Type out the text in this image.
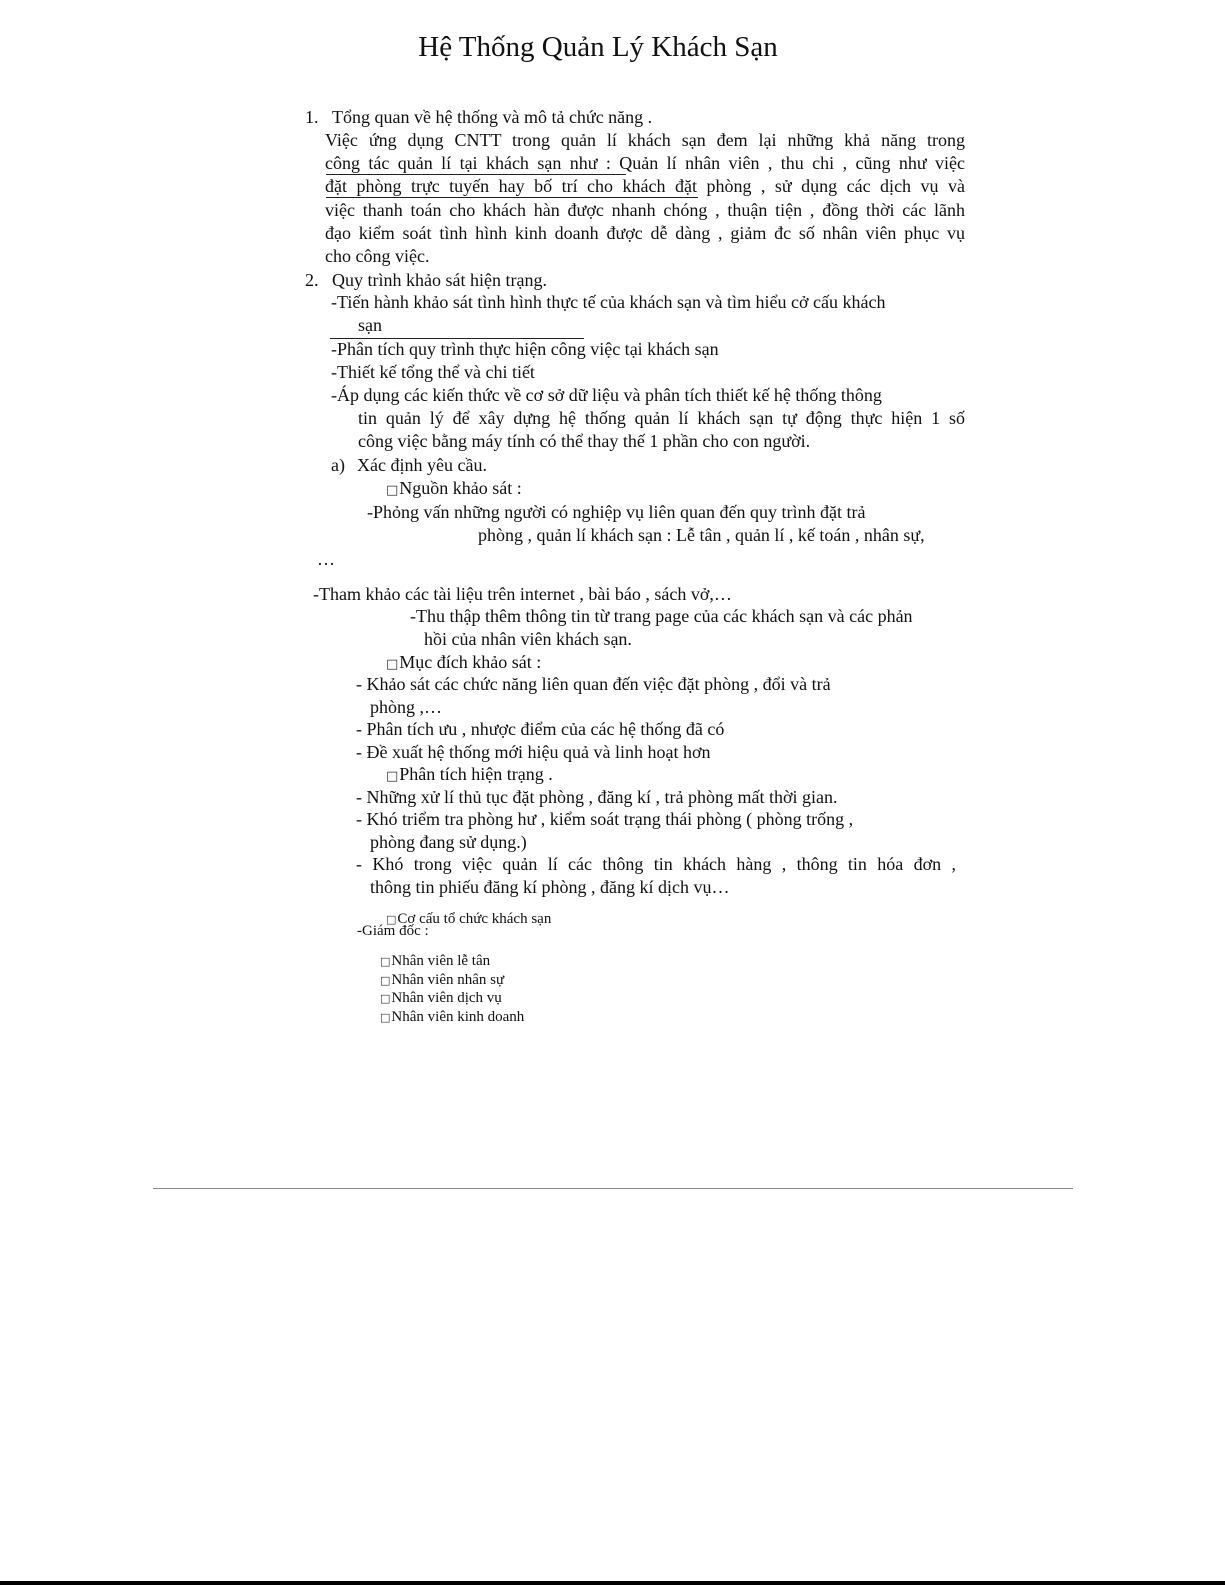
Hệ Thống Quản Lý Khách Sạn
1. Tổng quan về hệ thống và mô tả chức năng .
Việc ứng dụng CNTT trong quản lí khách sạn đem lại những khả năng trong
công tác quản lí tại khách sạn như : Quản lí nhân viên , thu chi , cũng như việc
đặt phòng trực tuyến hay bố trí cho khách đặt phòng , sử dụng các dịch vụ và
việc thanh toán cho khách hàn được nhanh chóng , thuận tiện , đồng thời các lãnh
đạo kiểm soát tình hình kinh doanh được dễ dàng , giảm đc số nhân viên phục vụ
cho công việc.
2. Quy trình khảo sát hiện trạng.
-Tiến hành khảo sát tình hình thực tế của khách sạn và tìm hiểu cở cấu khách
sạn
-Phân tích quy trình thực hiện công việc tại khách sạn
-Thiết kế tổng thể và chi tiết
-Áp dụng các kiến thức về cơ sở dữ liệu và phân tích thiết kế hệ thống thông
tin quản lý để xây dựng hệ thống quản lí khách sạn tự động thực hiện 1 số
công việc bằng máy tính có thể thay thế 1 phần cho con người.
a) Xác định yêu cầu.
□Nguồn khảo sát :
-Phỏng vấn những người có nghiệp vụ liên quan đến quy trình đặt trả
phòng , quản lí khách sạn : Lễ tân , quản lí , kế toán , nhân sự,
…
-Tham khảo các tài liệu trên internet , bài báo , sách vở,…
-Thu thập thêm thông tin từ trang page của các khách sạn và các phản
hồi của nhân viên khách sạn.
□Mục đích khảo sát :
- Khảo sát các chức năng liên quan đến việc đặt phòng , đổi và trả
phòng ,…
- Phân tích ưu , nhược điểm của các hệ thống đã có
- Đề xuất hệ thống mới hiệu quả và linh hoạt hơn
□Phân tích hiện trạng .
- Những xử lí thủ tục đặt phòng , đăng kí , trả phòng mất thời gian.
- Khó triểm tra phòng hư , kiểm soát trạng thái phòng ( phòng trống ,
phòng đang sử dụng.)
- Khó trong việc quản lí các thông tin khách hàng , thông tin hóa đơn ,
thông tin phiếu đăng kí phòng , đăng kí dịch vụ…
□Cơ cấu tổ chức khách sạn
-Giám đốc :
□Nhân viên lễ tân
□Nhân viên nhân sự
□Nhân viên dịch vụ
□Nhân viên kinh doanh
